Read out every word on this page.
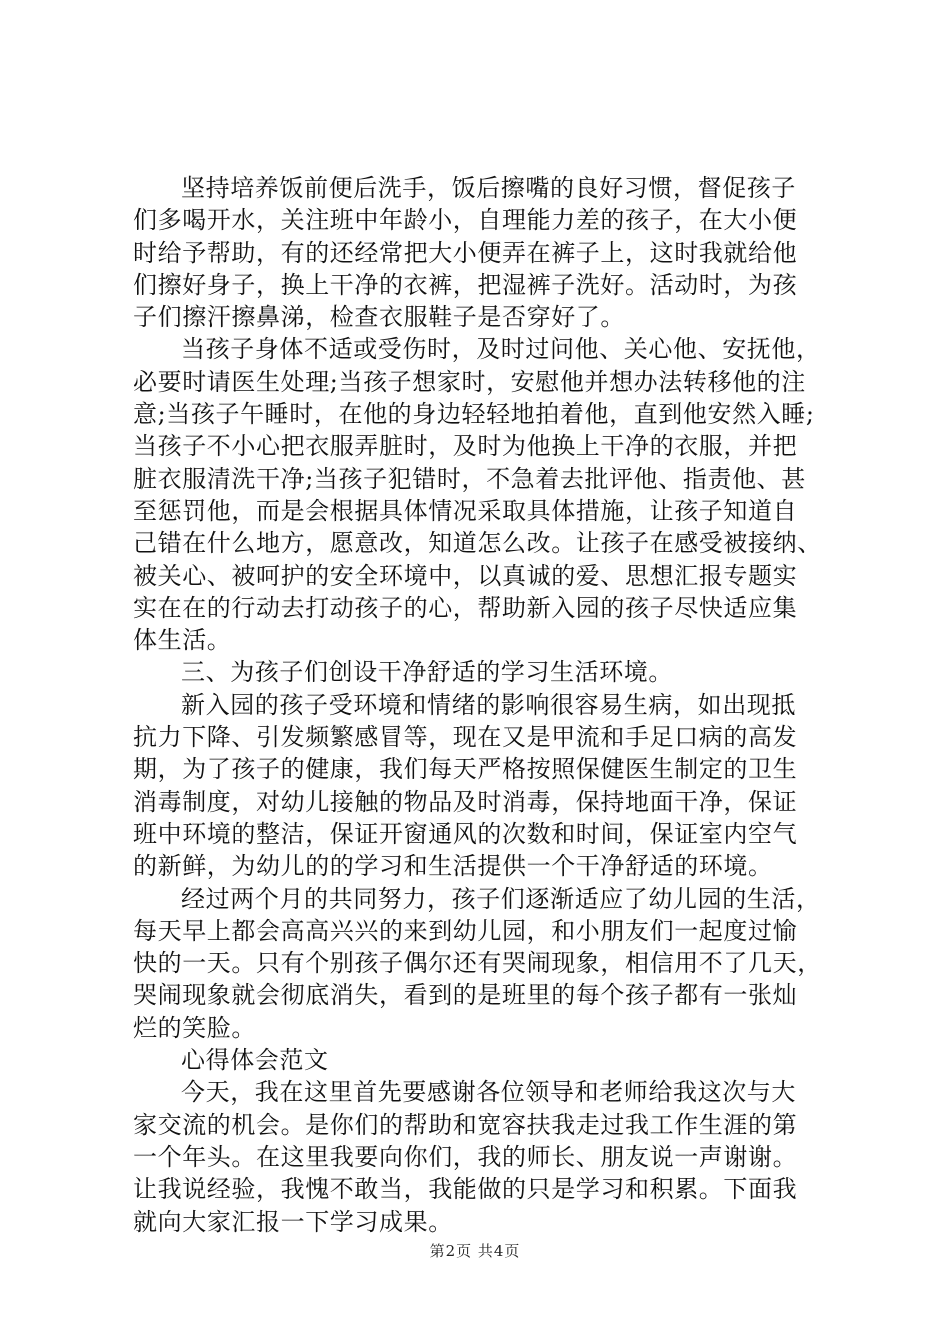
坚持培养饭前便后洗手，饭后擦嘴的良好习惯，督促孩子
们多喝开水，关注班中年龄小，自理能力差的孩子，在大小便
时给予帮助，有的还经常把大小便弄在裤子上，这时我就给他
们擦好身子，换上干净的衣裤，把湿裤子洗好。活动时，为孩
子们擦汗擦鼻涕，检查衣服鞋子是否穿好了。
当孩子身体不适或受伤时，及时过问他、关心他、安抚他，
必要时请医生处理;当孩子想家时，安慰他并想办法转移他的注
意;当孩子午睡时，在他的身边轻轻地拍着他，直到他安然入睡;
当孩子不小心把衣服弄脏时，及时为他换上干净的衣服，并把
脏衣服清洗干净;当孩子犯错时，不急着去批评他、指责他、甚
至惩罚他，而是会根据具体情况采取具体措施，让孩子知道自
己错在什么地方，愿意改，知道怎么改。让孩子在感受被接纳、
被关心、被呵护的安全环境中，以真诚的爱、思想汇报专题实
实在在的行动去打动孩子的心，帮助新入园的孩子尽快适应集
体生活。
三、为孩子们创设干净舒适的学习生活环境。
新入园的孩子受环境和情绪的影响很容易生病，如出现抵
抗力下降、引发频繁感冒等，现在又是甲流和手足口病的高发
期，为了孩子的健康，我们每天严格按照保健医生制定的卫生
消毒制度，对幼儿接触的物品及时消毒，保持地面干净，保证
班中环境的整洁，保证开窗通风的次数和时间，保证室内空气
的新鲜，为幼儿的的学习和生活提供一个干净舒适的环境。
经过两个月的共同努力，孩子们逐渐适应了幼儿园的生活，
每天早上都会高高兴兴的来到幼儿园，和小朋友们一起度过愉
快的一天。只有个别孩子偶尔还有哭闹现象，相信用不了几天，
哭闹现象就会彻底消失，看到的是班里的每个孩子都有一张灿
烂的笑脸。
心得体会范文
今天，我在这里首先要感谢各位领导和老师给我这次与大
家交流的机会。是你们的帮助和宽容扶我走过我工作生涯的第
一个年头。在这里我要向你们，我的师长、朋友说一声谢谢。
让我说经验，我愧不敢当，我能做的只是学习和积累。下面我
就向大家汇报一下学习成果。
第2页 共4页
